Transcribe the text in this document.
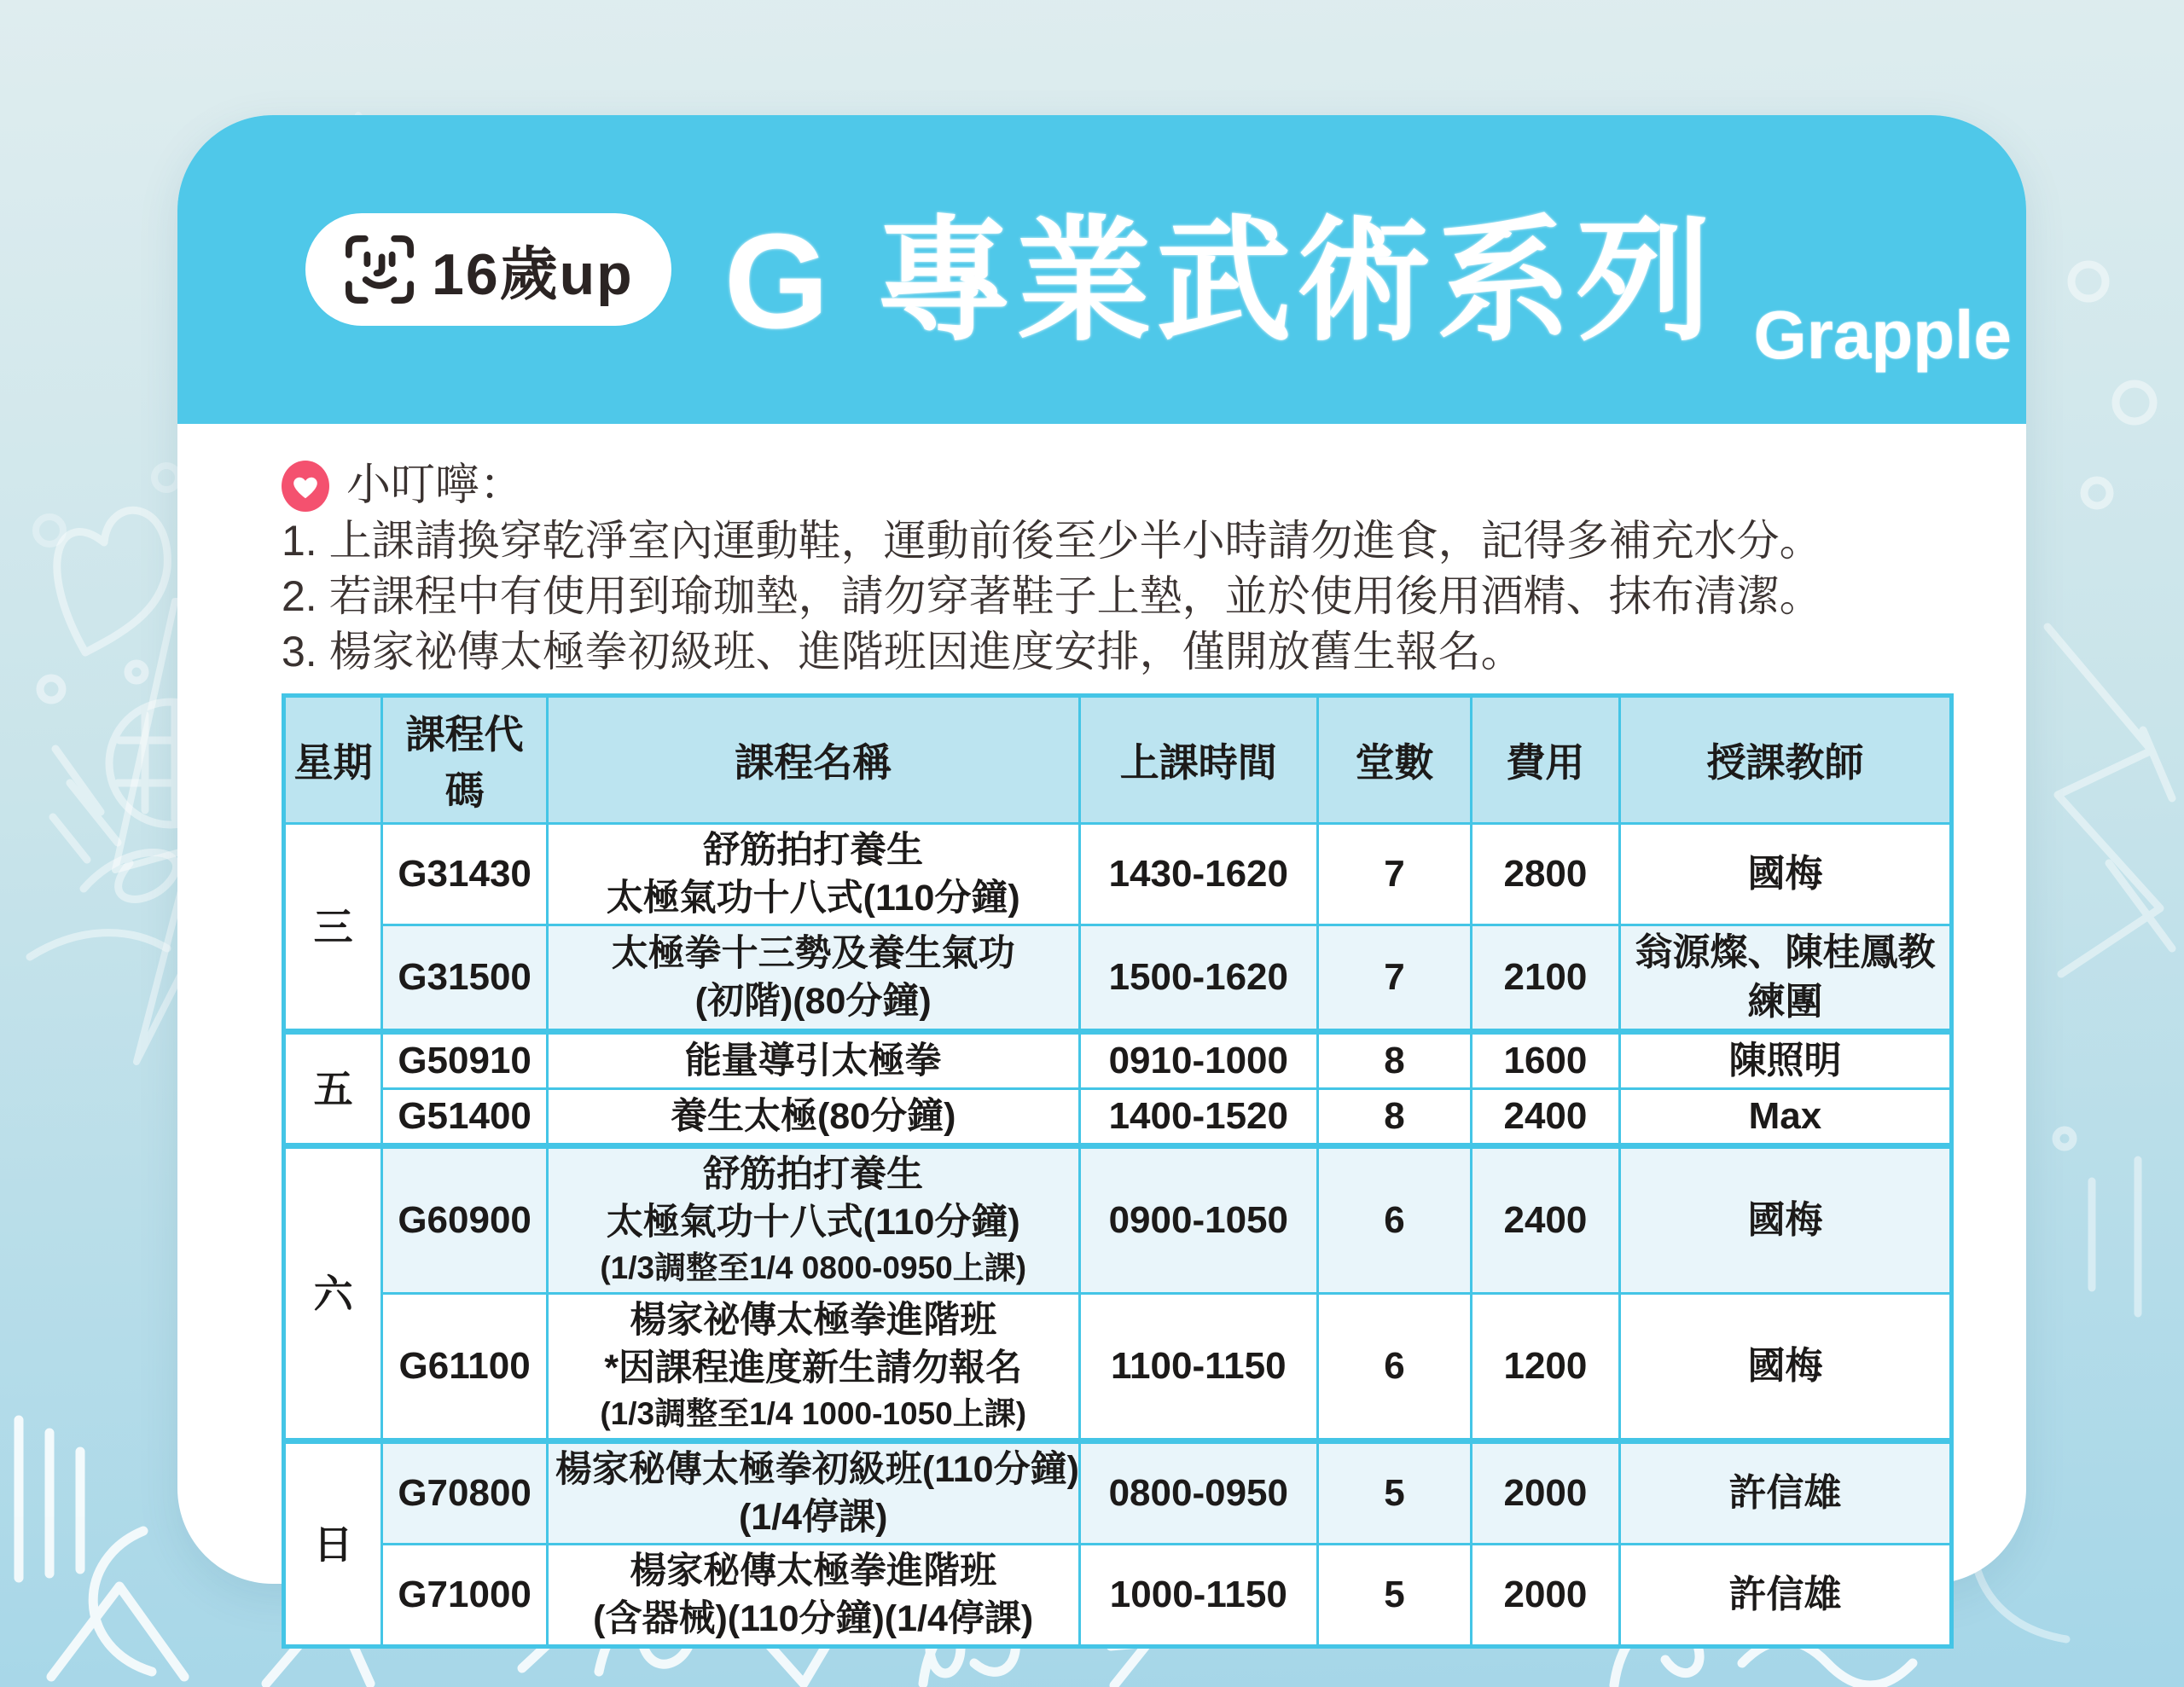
16歲up G 專業武術系列 Grapple
小叮嚀：
1. 上課請換穿乾淨室內運動鞋，運動前後至少半小時請勿進食，記得多補充水分。
2. 若課程中有使用到瑜珈墊，請勿穿著鞋子上墊，並於使用後用酒精、抹布清潔。
3. 楊家祕傳太極拳初級班、進階班因進度安排，僅開放舊生報名。
星期	課程代碼	課程名稱	上課時間	堂數	費用	授課教師
三	G31430	舒筋拍打養生
太極氣功十八式(110分鐘)	1430-1620	7	2800	國梅
	G31500	太極拳十三勢及養生氣功
(初階)(80分鐘)	1500-1620	7	2100	翁源燦、陳桂鳳教練團
五	G50910	能量導引太極拳	0910-1000	8	1600	陳照明
	G51400	養生太極(80分鐘)	1400-1520	8	2400	Max
六	G60900	舒筋拍打養生
太極氣功十八式(110分鐘)
(1/3調整至1/4 0800-0950上課)	0900-1050	6	2400	國梅
	G61100	楊家祕傳太極拳進階班
*因課程進度新生請勿報名
(1/3調整至1/4 1000-1050上課)	1100-1150	6	1200	國梅
日	G70800	楊家秘傳太極拳初級班(110分鐘)
(1/4停課)	0800-0950	5	2000	許信雄
	G71000	楊家秘傳太極拳進階班
(含器械)(110分鐘)(1/4停課)	1000-1150	5	2000	許信雄
